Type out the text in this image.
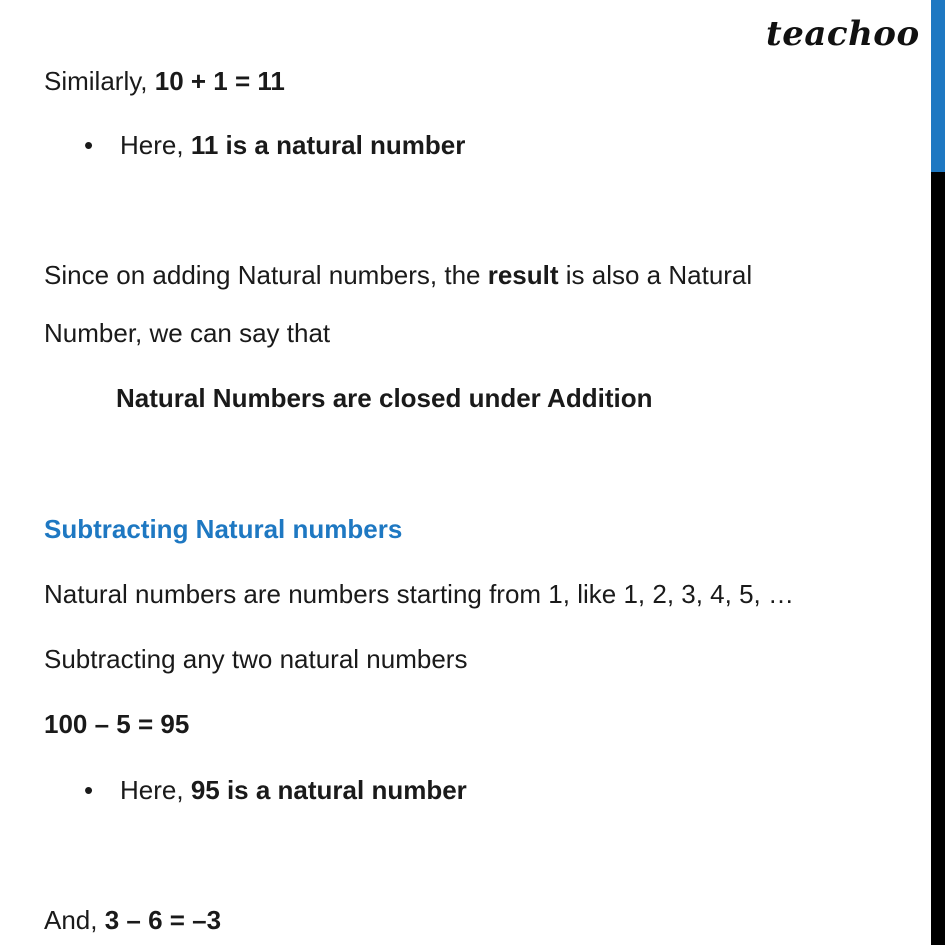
teachoo
Similarly, 10 + 1 = 11
• Here, 11 is a natural number
Since on adding Natural numbers, the result is also a Natural
Number, we can say that
Natural Numbers are closed under Addition
Subtracting Natural numbers
Natural numbers are numbers starting from 1, like 1, 2, 3, 4, 5, …
Subtracting any two natural numbers
100 – 5 = 95
• Here, 95 is a natural number
And, 3 – 6 = –3
